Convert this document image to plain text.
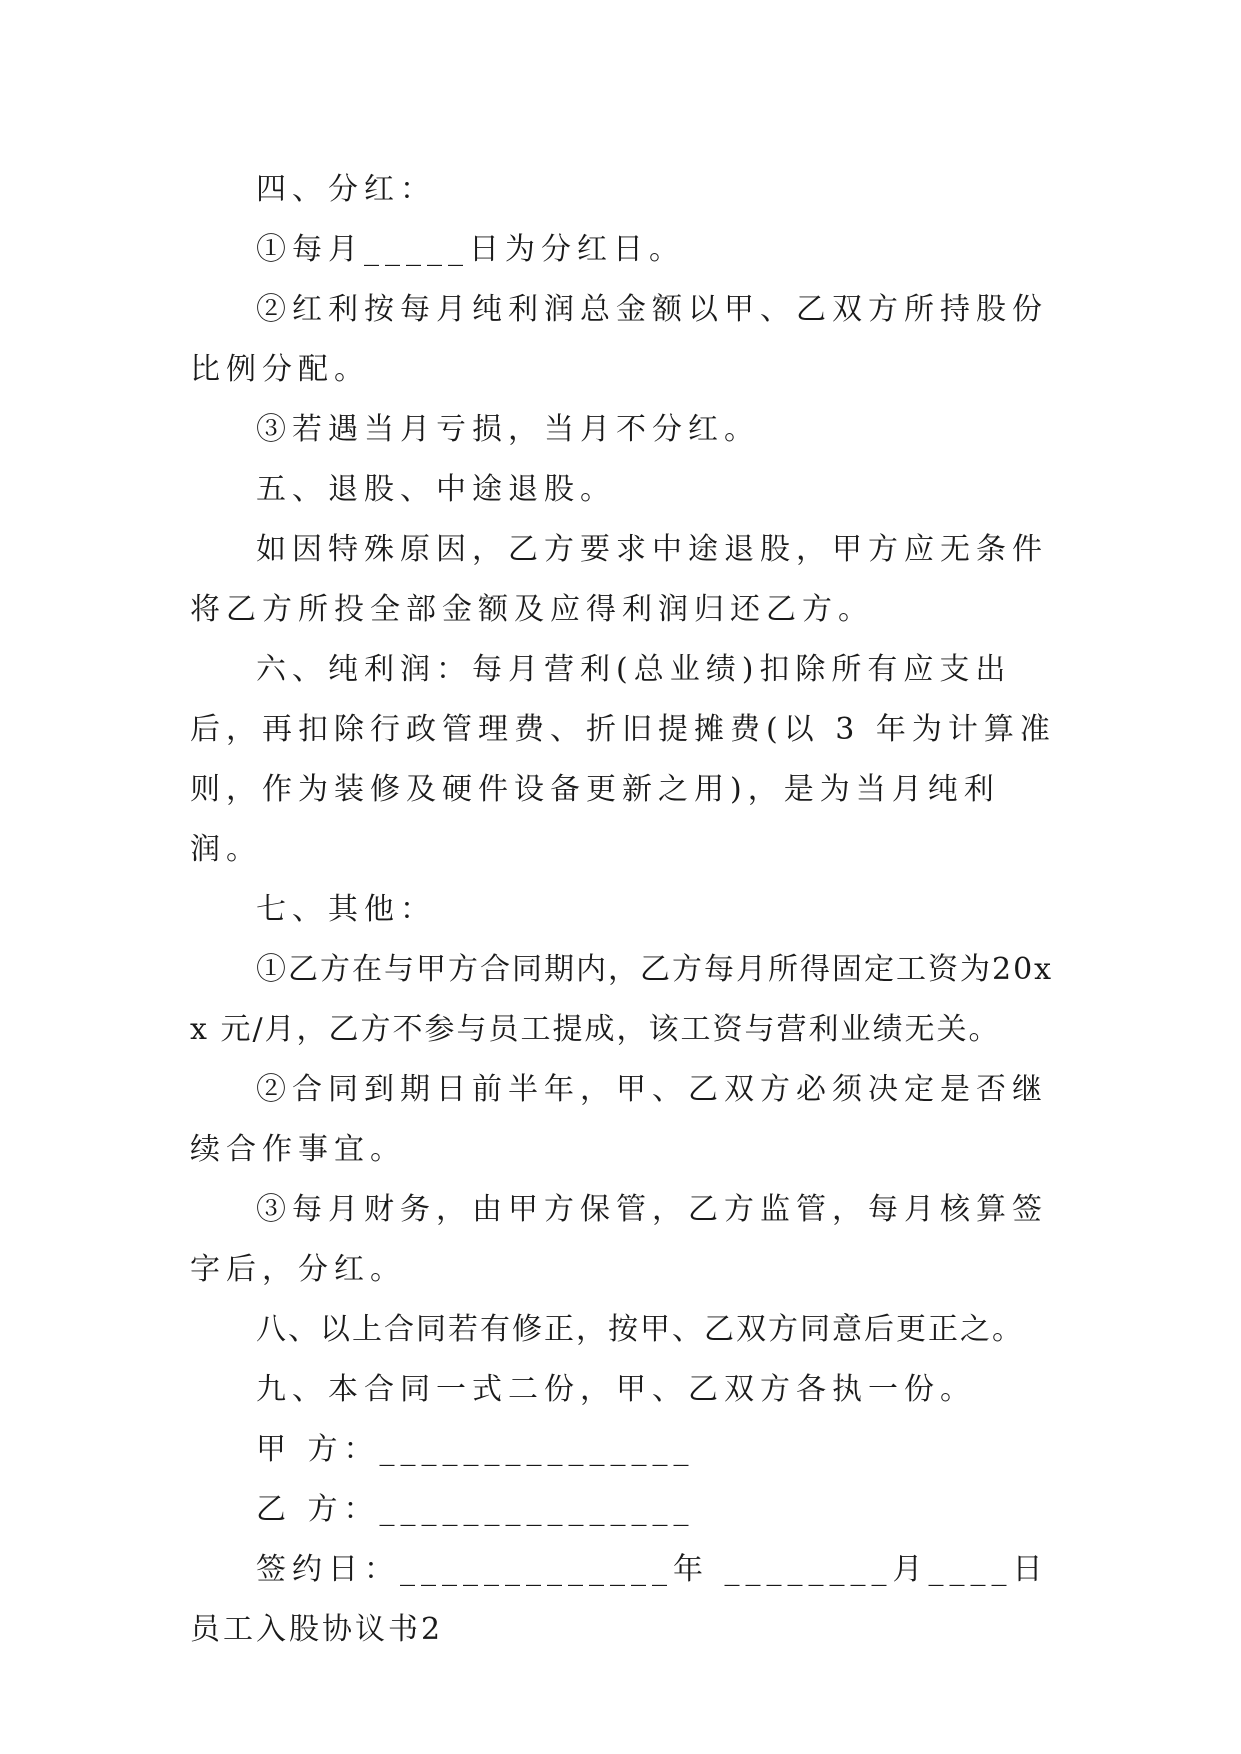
四、分红：

①每月_____日为分红日。

②红利按每月纯利润总金额以甲、乙双方所持股份比例分配。

③若遇当月亏损，当月不分红。

五、退股、中途退股。

如因特殊原因，乙方要求中途退股，甲方应无条件将乙方所投全部金额及应得利润归还乙方。

六、纯利润：每月营利(总业绩)扣除所有应支出后，再扣除行政管理费、折旧提摊费(以 3 年为计算准则，作为装修及硬件设备更新之用)，是为当月纯利润。

七、其他：

①乙方在与甲方合同期内，乙方每月所得固定工资为20xx 元/月，乙方不参与员工提成，该工资与营利业绩无关。

②合同到期日前半年，甲、乙双方必须决定是否继续合作事宜。

③每月财务，由甲方保管，乙方监管，每月核算签字后，分红。

八、以上合同若有修正，按甲、乙双方同意后更正之。

九、本合同一式二份，甲、乙双方各执一份。

甲 方：_______________

乙 方：_______________

签约日：_____________年 ________月____日

员工入股协议书2
